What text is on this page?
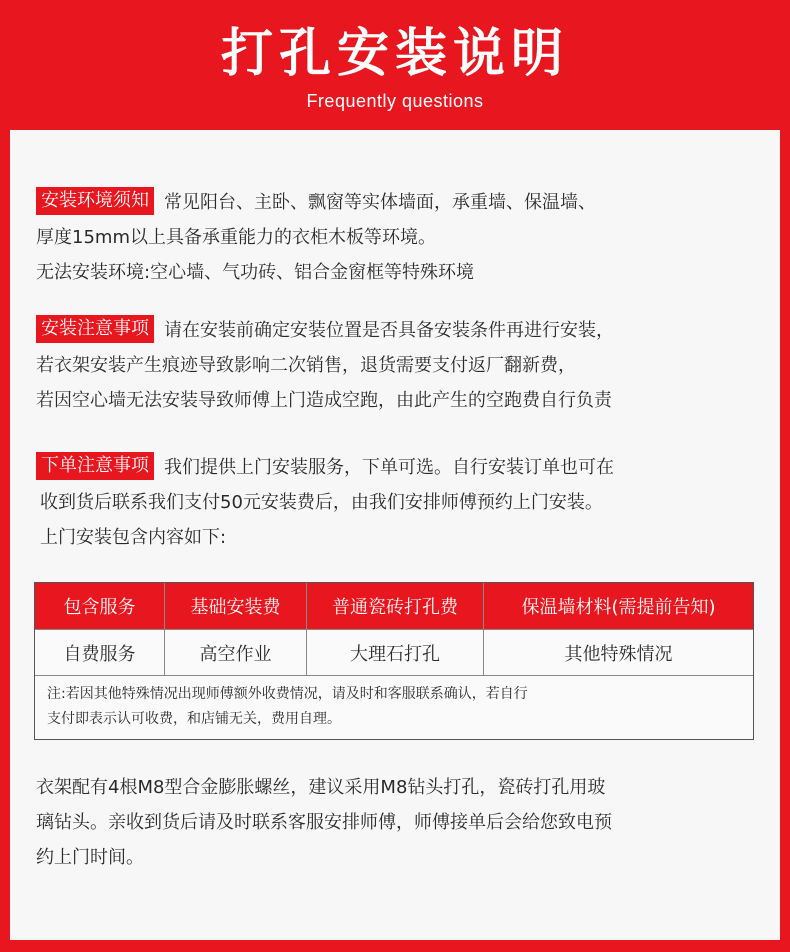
打孔安装说明
Frequently questions
安装环境须知 常见阳台、主卧、飘窗等实体墙面，承重墙、保温墙、
厚度15mm以上具备承重能力的衣柜木板等环境。
无法安装环境:空心墙、气功砖、铝合金窗框等特殊环境
安装注意事项 请在安装前确定安装位置是否具备安装条件再进行安装，
若衣架安装产生痕迹导致影响二次销售，退货需要支付返厂翻新费，
若因空心墙无法安装导致师傅上门造成空跑，由此产生的空跑费自行负责
下单注意事项 我们提供上门安装服务，下单可选。自行安装订单也可在
收到货后联系我们支付50元安装费后，由我们安排师傅预约上门安装。
上门安装包含内容如下:
包含服务	基础安装费	普通瓷砖打孔费	保温墙材料(需提前告知)
自费服务	高空作业	大理石打孔	其他特殊情况
注:若因其他特殊情况出现师傅额外收费情况，请及时和客服联系确认，若自行
支付即表示认可收费，和店铺无关，费用自理。
衣架配有4根M8型合金膨胀螺丝，建议采用M8钻头打孔，瓷砖打孔用玻
璃钻头。亲收到货后请及时联系客服安排师傅，师傅接单后会给您致电预
约上门时间。
